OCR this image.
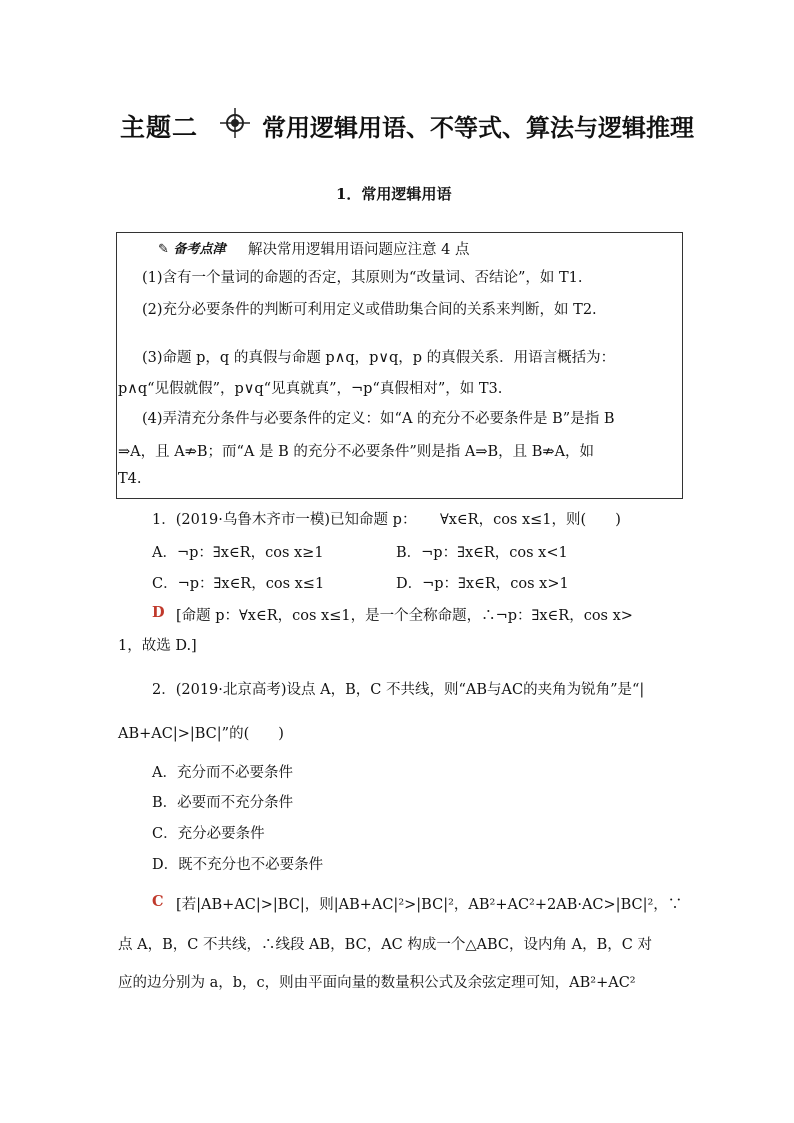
主题二	常用逻辑用语、不等式、算法与逻辑推理
1．常用逻辑用语
✎ 备考点津 解决常用逻辑用语问题应注意 4 点
(1)含有一个量词的命题的否定，其原则为“改量词、否结论”，如 T1.
(2)充分必要条件的判断可利用定义或借助集合间的关系来判断，如 T2.
(3)命题 p，q 的真假与命题 p∧q，p∨q，p 的真假关系．用语言概括为：
p∧q“见假就假”，p∨q“见真就真”，¬p“真假相对”，如 T3.
(4)弄清充分条件与必要条件的定义：如“A 的充分不必要条件是 B”是指 B
⇒A，且 A⇏B；而“A 是 B 的充分不必要条件”则是指 A⇒B，且 B⇏A，如
T4.
1．(2019·乌鲁木齐市一模)已知命题 p： ∀x∈R，cos x≤1，则(　　)
A．¬p：∃x∈R，cos x≥1	B．¬p：∃x∈R，cos x<1
C．¬p：∃x∈R，cos x≤1	D．¬p：∃x∈R，cos x>1
D [命题 p：∀x∈R，cos x≤1，是一个全称命题，∴¬p：∃x∈R，cos x>
1，故选 D.]
2．(2019·北京高考)设点 A，B，C 不共线，则“AB与AC的夹角为锐角”是“|
AB+AC|>|BC|”的(　　)
A．充分而不必要条件
B．必要而不充分条件
C．充分必要条件
D．既不充分也不必要条件
C [若|AB+AC|>|BC|，则|AB+AC|²>|BC|²，AB²+AC²+2AB·AC>|BC|²，∵
点 A，B，C 不共线，∴线段 AB，BC，AC 构成一个△ABC，设内角 A，B，C 对
应的边分别为 a，b，c，则由平面向量的数量积公式及余弦定理可知，AB²+AC²
